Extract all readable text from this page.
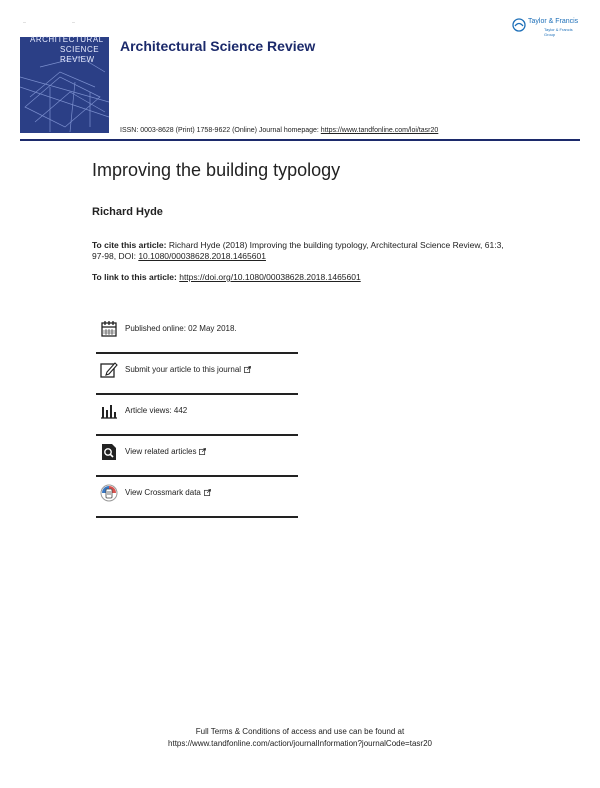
...	...
ARCHITECTURAL
SCIENCE
REVIEW
Architectural Science Review
ISSN: 0003-8628 (Print) 1758-9622 (Online) Journal homepage: https://www.tandfonline.com/loi/tasr20
Taylor & Francis
Taylor & Francis Group
Improving the building typology
Richard Hyde
To cite this article: Richard Hyde (2018) Improving the building typology, Architectural Science Review, 61:3, 97-98, DOI: 10.1080/00038628.2018.1465601
To link to this article: https://doi.org/10.1080/00038628.2018.1465601
Published online: 02 May 2018.
Submit your article to this journal
Article views: 442
View related articles
View Crossmark data
Full Terms & Conditions of access and use can be found at
https://www.tandfonline.com/action/journalInformation?journalCode=tasr20
